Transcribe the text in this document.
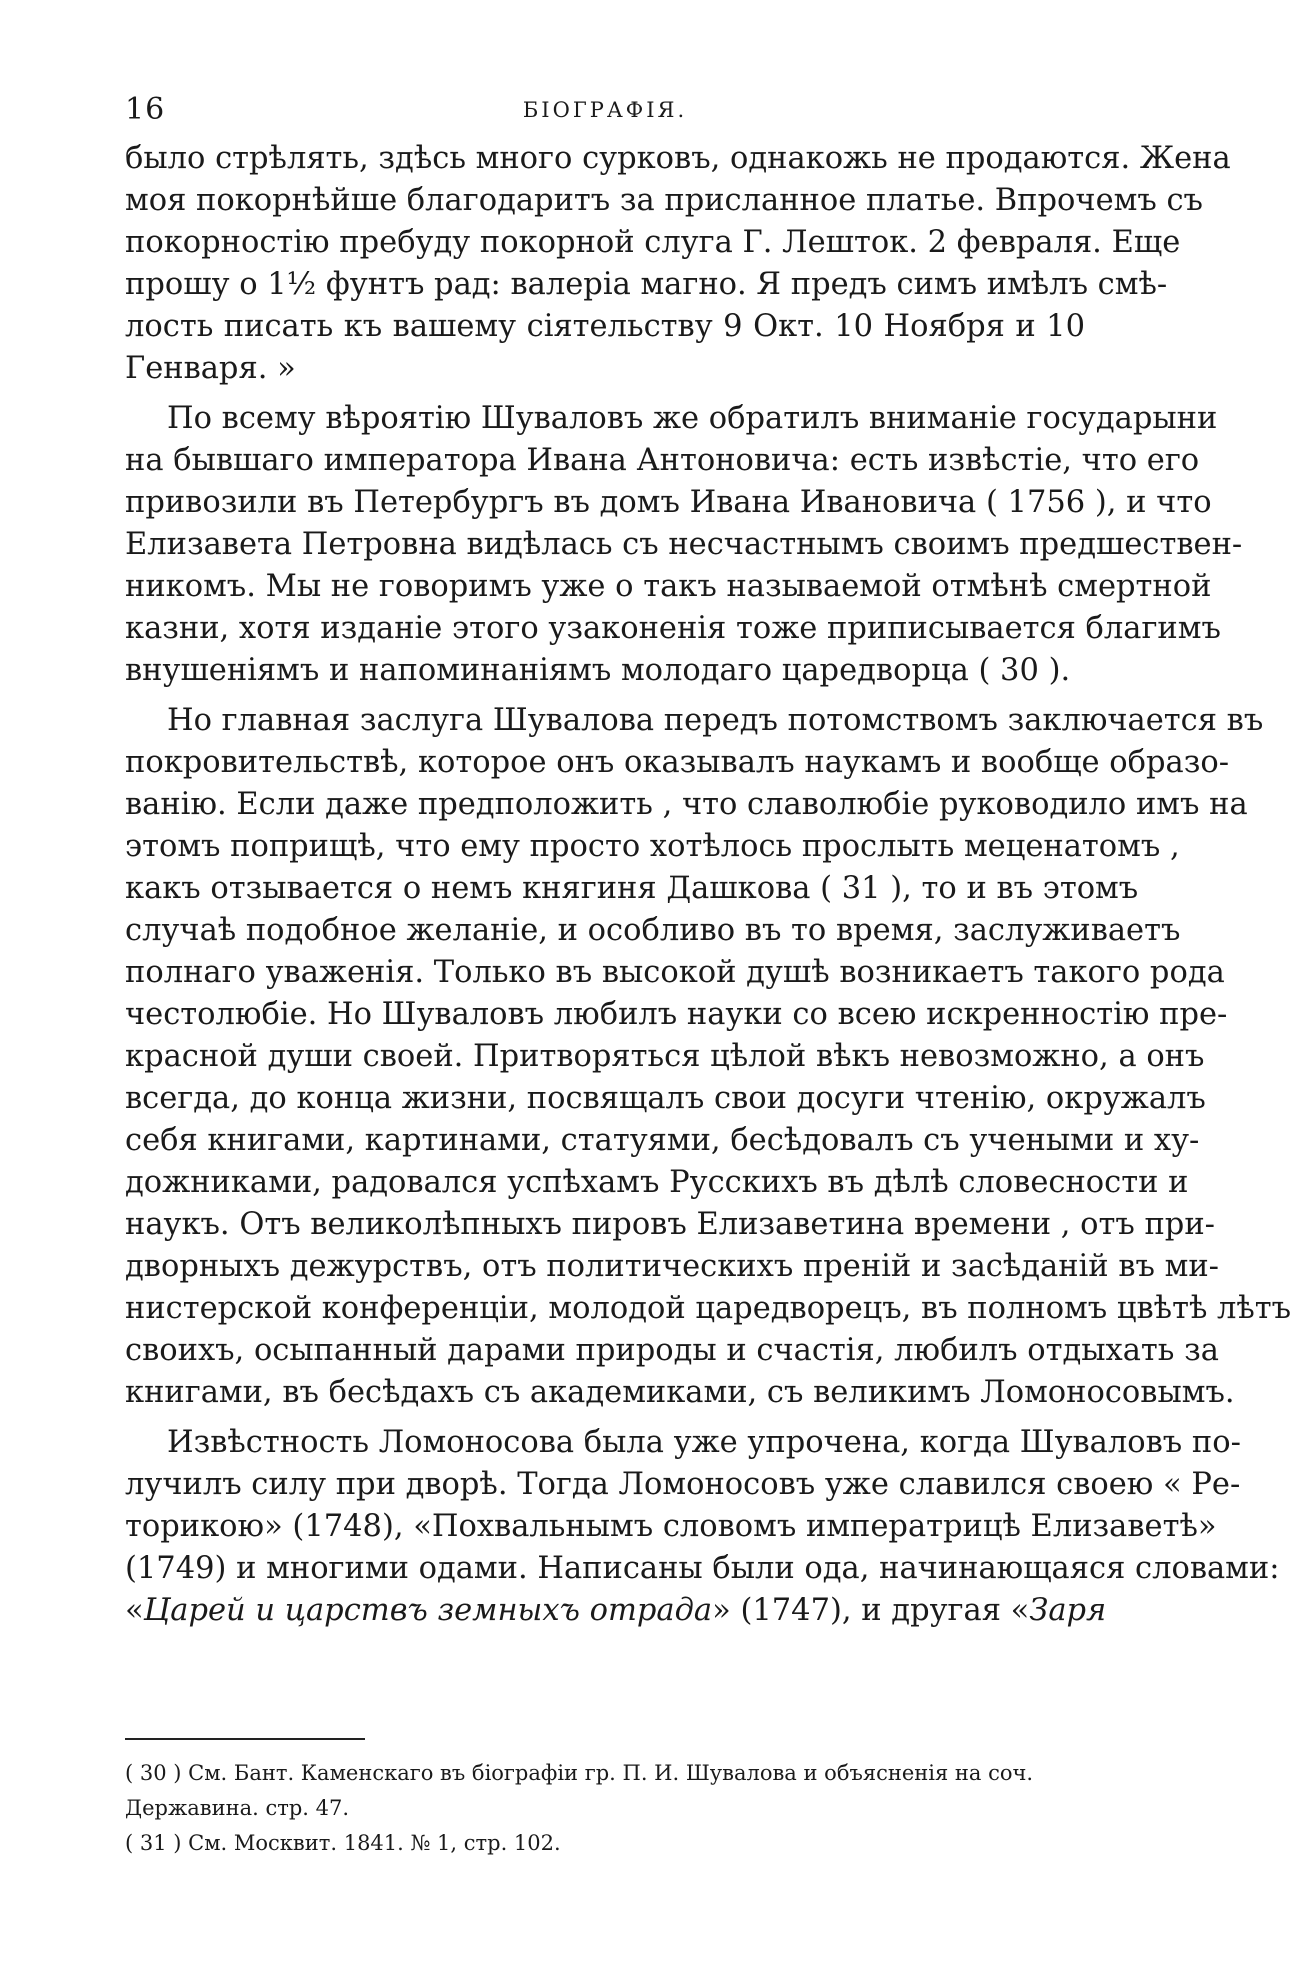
16	БІОГРАФІЯ.

было стрѣлять, здѣсь много сурковъ, однакожь не продаются. Жена
моя покорнѣйше благодаритъ за присланное платье. Впрочемъ съ
покорностію пребуду покорной слуга Г. Лешток. 2 февраля. Еще
прошу о 1½ фунтъ рад: валеріа магно. Я предъ симъ имѣлъ смѣ-
лость писать къ вашему сіятельству 9 Окт. 10 Ноября и 10
Генваря. »

По всему вѣроятію Шуваловъ же обратилъ вниманіе государыни
на бывшаго императора Ивана Антоновича: есть извѣстіе, что его
привозили въ Петербургъ въ домъ Ивана Ивановича ( 1756 ), и что
Елизавета Петровна видѣлась съ несчастнымъ своимъ предшествен-
никомъ. Мы не говоримъ уже о такъ называемой отмѣнѣ смертной
казни, хотя изданіе этого узаконенія тоже приписывается благимъ
внушеніямъ и напоминаніямъ молодаго царедворца ( 30 ).

Но главная заслуга Шувалова передъ потомствомъ заключается въ
покровительствѣ, которое онъ оказывалъ наукамъ и вообще образо-
ванію. Если даже предположить , что славолюбіе руководило имъ на
этомъ поприщѣ, что ему просто хотѣлось прослыть меценатомъ ,
какъ отзывается о немъ княгиня Дашкова ( 31 ), то и въ этомъ
случаѣ подобное желаніе, и особливо въ то время, заслуживаетъ
полнаго уваженія. Только въ высокой душѣ возникаетъ такого рода
честолюбіе. Но Шуваловъ любилъ науки со всею искренностію пре-
красной души своей. Притворяться цѣлой вѣкъ невозможно, а онъ
всегда, до конца жизни, посвящалъ свои досуги чтенію, окружалъ
себя книгами, картинами, статуями, бесѣдовалъ съ учеными и ху-
дожниками, радовался успѣхамъ Русскихъ въ дѣлѣ словесности и
наукъ. Отъ великолѣпныхъ пировъ Елизаветина времени , отъ при-
дворныхъ дежурствъ, отъ политическихъ преній и засѣданій въ ми-
нистерской конференціи, молодой царедворецъ, въ полномъ цвѣтѣ лѣтъ
своихъ, осыпанный дарами природы и счастія, любилъ отдыхать за
книгами, въ бесѣдахъ съ академиками, съ великимъ Ломоносовымъ.

Извѣстность Ломоносова была уже упрочена, когда Шуваловъ по-
лучилъ силу при дворѣ. Тогда Ломоносовъ уже славился своею « Ре-
торикою» (1748), «Похвальнымъ словомъ императрицѣ Елизаветѣ»
(1749) и многими одами. Написаны были ода, начинающаяся словами:
«Царей и царствъ земныхъ отрада» (1747), и другая «Заря

( 30 ) См. Бант. Каменскаго въ біографіи гр. П. И. Шувалова и объясненія на соч.
Державина. стр. 47.
( 31 ) См. Москвит. 1841. № 1, стр. 102.
